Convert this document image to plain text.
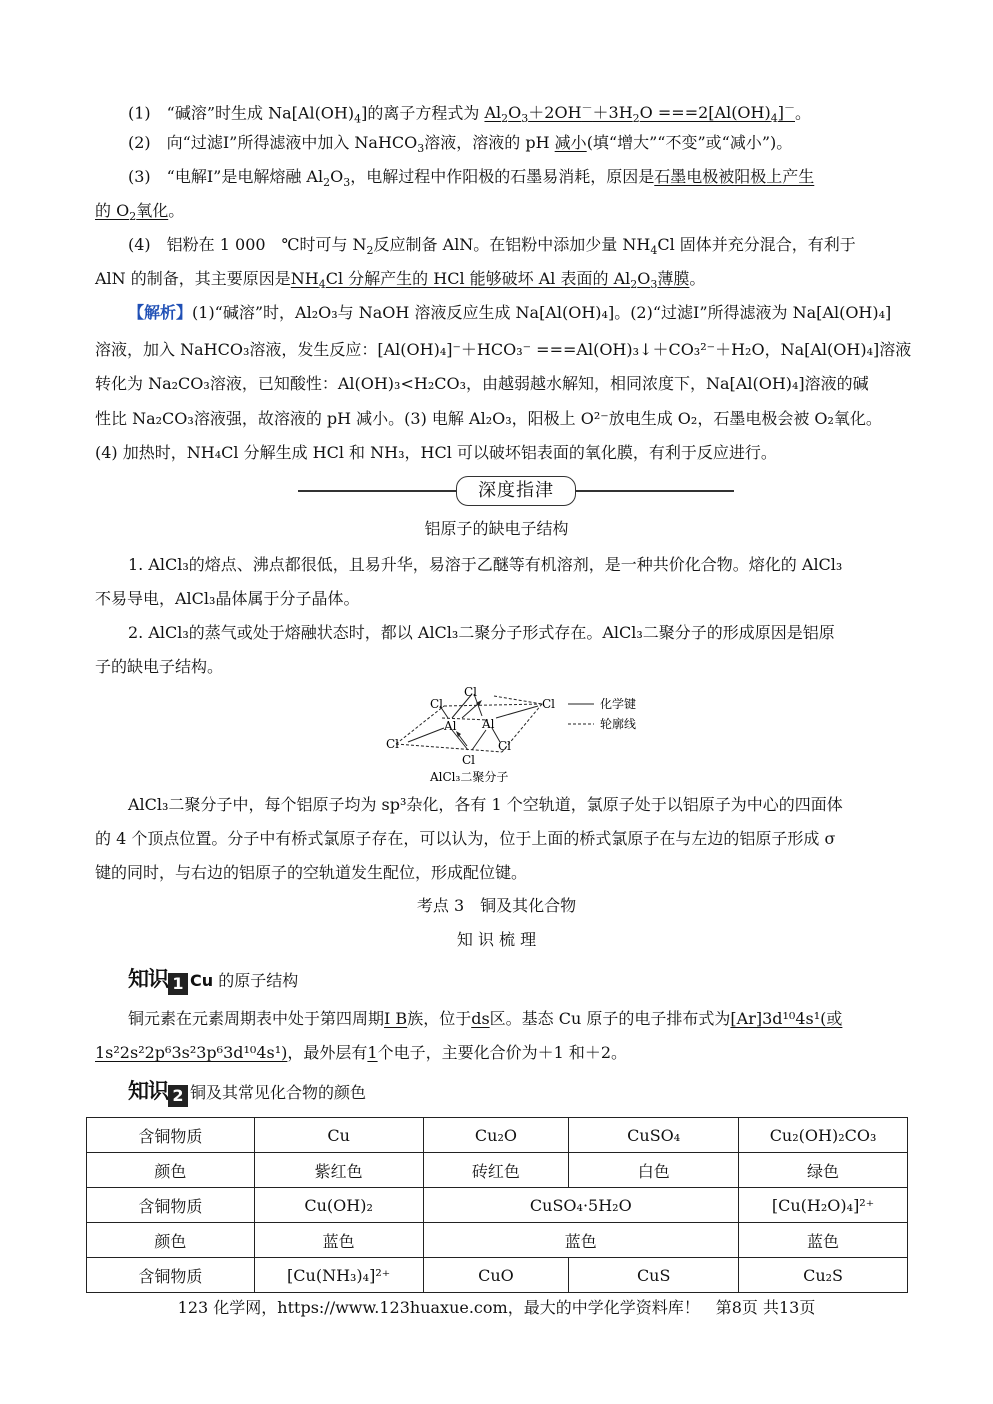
(1)　“碱溶”时生成 $Na[Al(OH)_4]$的离子方程式为 $Al_2O_3+2OH^-+3H_2O ===2[Al(OH)_4]^-$。
(2)　向“过滤Ⅰ”所得滤液中加入 NaHCO$_3$溶液，溶液的 pH 减小(填“增大”“不变”或“减小”)。
(3)　“电解Ⅰ”是电解熔融 $Al_2O_3$，电解过程中作阳极的石墨易消耗，原因是石墨电极被阳极上产生
的 $O_2$氧化。
(4)　铝粉在 1 000　℃时可与 $N_2$反应制备 AlN。在铝粉中添加少量 $NH_4Cl$ 固体并充分混合，有利于
AlN 的制备，其主要原因是$NH_4Cl$ 分解产生的 HCl 能够破坏 Al 表面的 $Al_2O_3$薄膜。
【解析】(1)“碱溶”时，Al₂O₃与 NaOH 溶液反应生成 Na[Al(OH)₄]。(2)“过滤Ⅰ”所得滤液为 Na[Al(OH)₄]
溶液，加入 NaHCO₃溶液，发生反应：[Al(OH)₄]⁻＋HCO₃⁻ ===Al(OH)₃↓＋CO₃²⁻＋H₂O，Na[Al(OH)₄]溶液
转化为 Na₂CO₃溶液，已知酸性：Al(OH)₃<H₂CO₃，由越弱越水解知，相同浓度下，Na[Al(OH)₄]溶液的碱
性比 Na₂CO₃溶液强，故溶液的 pH 减小。(3) 电解 Al₂O₃，阳极上 O²⁻放电生成 O₂，石墨电极会被 O₂氧化。
(4) 加热时，NH₄Cl 分解生成 HCl 和 NH₃，HCl 可以破坏铝表面的氧化膜，有利于反应进行。
深度指津
铝原子的缺电子结构
1. AlCl₃的熔点、沸点都很低，且易升华，易溶于乙醚等有机溶剂，是一种共价化合物。熔化的 AlCl₃
不易导电，AlCl₃晶体属于分子晶体。
2. AlCl₃的蒸气或处于熔融状态时，都以 AlCl₃二聚分子形式存在。AlCl₃二聚分子的形成原因是铝原
子的缺电子结构。
Cl
Cl	Cl
Al Al
Cl	Cl
Cl
化学键
轮廓线
AlCl₃二聚分子
AlCl₃二聚分子中，每个铝原子均为 sp³杂化，各有 1 个空轨道，氯原子处于以铝原子为中心的四面体
的 4 个顶点位置。分子中有桥式氯原子存在，可以认为，位于上面的桥式氯原子在与左边的铝原子形成 σ
键的同时，与右边的铝原子的空轨道发生配位，形成配位键。
考点 3　铜及其化合物
知 识 梳 理
知识 1 Cu 的原子结构
铜元素在元素周期表中处于第四周期Ⅰ B族，位于ds区。基态 Cu 原子的电子排布式为[Ar]3d¹⁰4s¹(或
1s²2s²2p⁶3s²3p⁶3d¹⁰4s¹)，最外层有1个电子，主要化合价为＋1 和＋2。
知识 2 铜及其常见化合物的颜色
含铜物质	Cu	Cu₂O	CuSO₄	Cu₂(OH)₂CO₃
颜色	紫红色	砖红色	白色	绿色
含铜物质	Cu(OH)₂	CuSO₄·5H₂O		[Cu(H₂O)₄]²⁺
颜色	蓝色	蓝色		蓝色
含铜物质	[Cu(NH₃)₄]²⁺	CuO	CuS	Cu₂S
123 化学网，https://www.123huaxue.com，最大的中学化学资料库！　第8页 共13页
